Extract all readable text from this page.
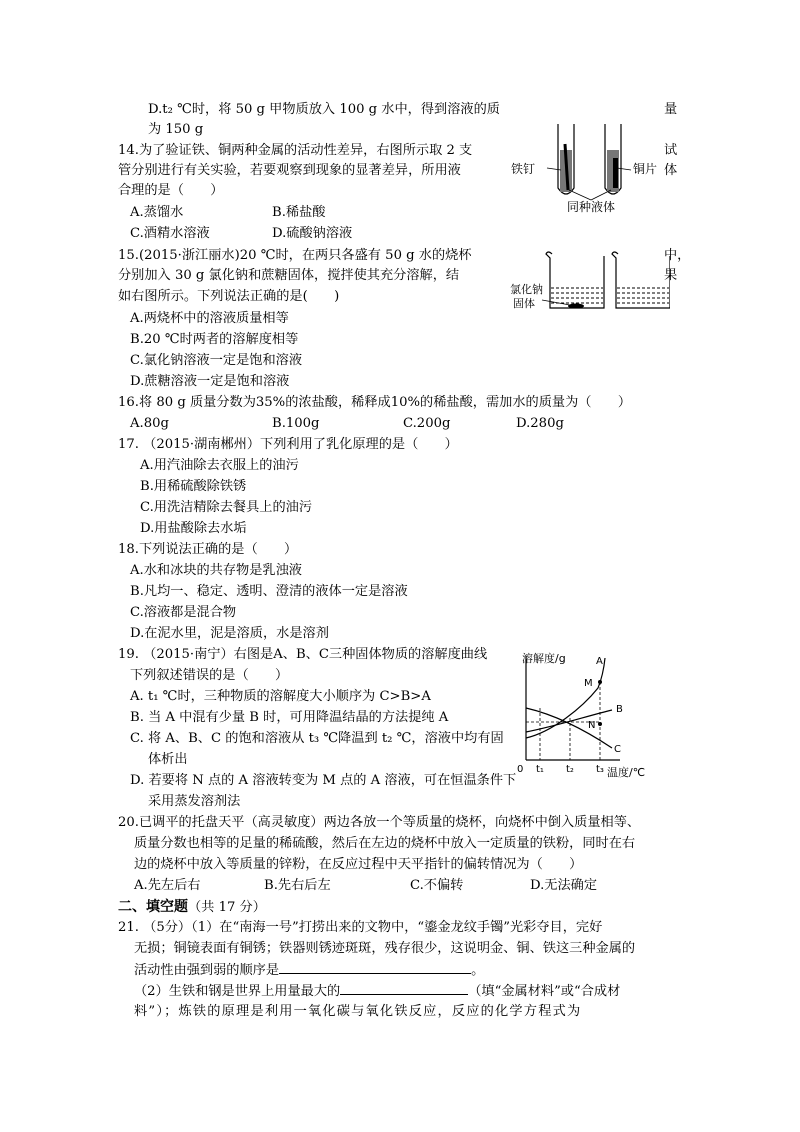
D.t₂ ℃时，将 50 g 甲物质放入 100 g 水中，得到溶液的质	量
为 150 g
14.为了验证铁、铜两种金属的活动性差异，右图所示取 2 支	试
管分别进行有关实验，若要观察到现象的显著差异，所用液	体
合理的是（　　）
A.蒸馏水	B.稀盐酸
C.酒精水溶液	D.硫酸钠溶液
铁钉	铜片
同种液体
15.(2015·浙江丽水)20 ℃时，在两只各盛有 50 g 水的烧杯	中，
分别加入 30 g 氯化钠和蔗糖固体，搅拌使其充分溶解，结	果
如右图所示。下列说法正确的是(　　)
A.两烧杯中的溶液质量相等
B.20 ℃时两者的溶解度相等
C.氯化钠溶液一定是饱和溶液
D.蔗糖溶液一定是饱和溶液
氯化钠
固体
16.将 80 g 质量分数为35%的浓盐酸，稀释成10%的稀盐酸，需加水的质量为（　　）
A.80g	B.100g	C.200g	D.280g
17. （2015·湖南郴州）下列利用了乳化原理的是（　　）
A.用汽油除去衣服上的油污
B.用稀硫酸除铁锈
C.用洗洁精除去餐具上的油污
D.用盐酸除去水垢
18.下列说法正确的是（　　）
A.水和冰块的共存物是乳浊液
B.凡均一、稳定、透明、澄清的液体一定是溶液
C.溶液都是混合物
D.在泥水里，泥是溶质，水是溶剂
19. （2015·南宁）右图是A、B、C三种固体物质的溶解度曲线
下列叙述错误的是（　　）
A. t₁ ℃时，三种物质的溶解度大小顺序为 C>B>A
B. 当 A 中混有少量 B 时，可用降温结晶的方法提纯 A
C. 将 A、B、C 的饱和溶液从 t₃ ℃降温到 t₂ ℃，溶液中均有固
体析出
D. 若要将 N 点的 A 溶液转变为 M 点的 A 溶液，可在恒温条件下
采用蒸发溶剂法
溶解度/g
温度/℃
0 t₁ t₂ t₃
A
B
C
M
N
20.已调平的托盘天平（高灵敏度）两边各放一个等质量的烧杯，向烧杯中倒入质量相等、
质量分数也相等的足量的稀硫酸，然后在左边的烧杯中放入一定质量的铁粉，同时在右
边的烧杯中放入等质量的锌粉，在反应过程中天平指针的偏转情况为（　　）
A.先左后右	B.先右后左	C.不偏转	D.无法确定
二、填空题（共 17 分）
21. （5分）（1）在“南海一号”打捞出来的文物中，“鎏金龙纹手镯”光彩夺目，完好
无损；铜镜表面有铜锈；铁器则锈迹斑斑，残存很少，这说明金、铜、铁这三种金属的
活动性由强到弱的顺序是	。
（2）生铁和钢是世界上用量最大的	（填“金属材料”或“合成材
料”）；炼铁的原理是利用一氧化碳与氧化铁反应，反应的化学方程式为
